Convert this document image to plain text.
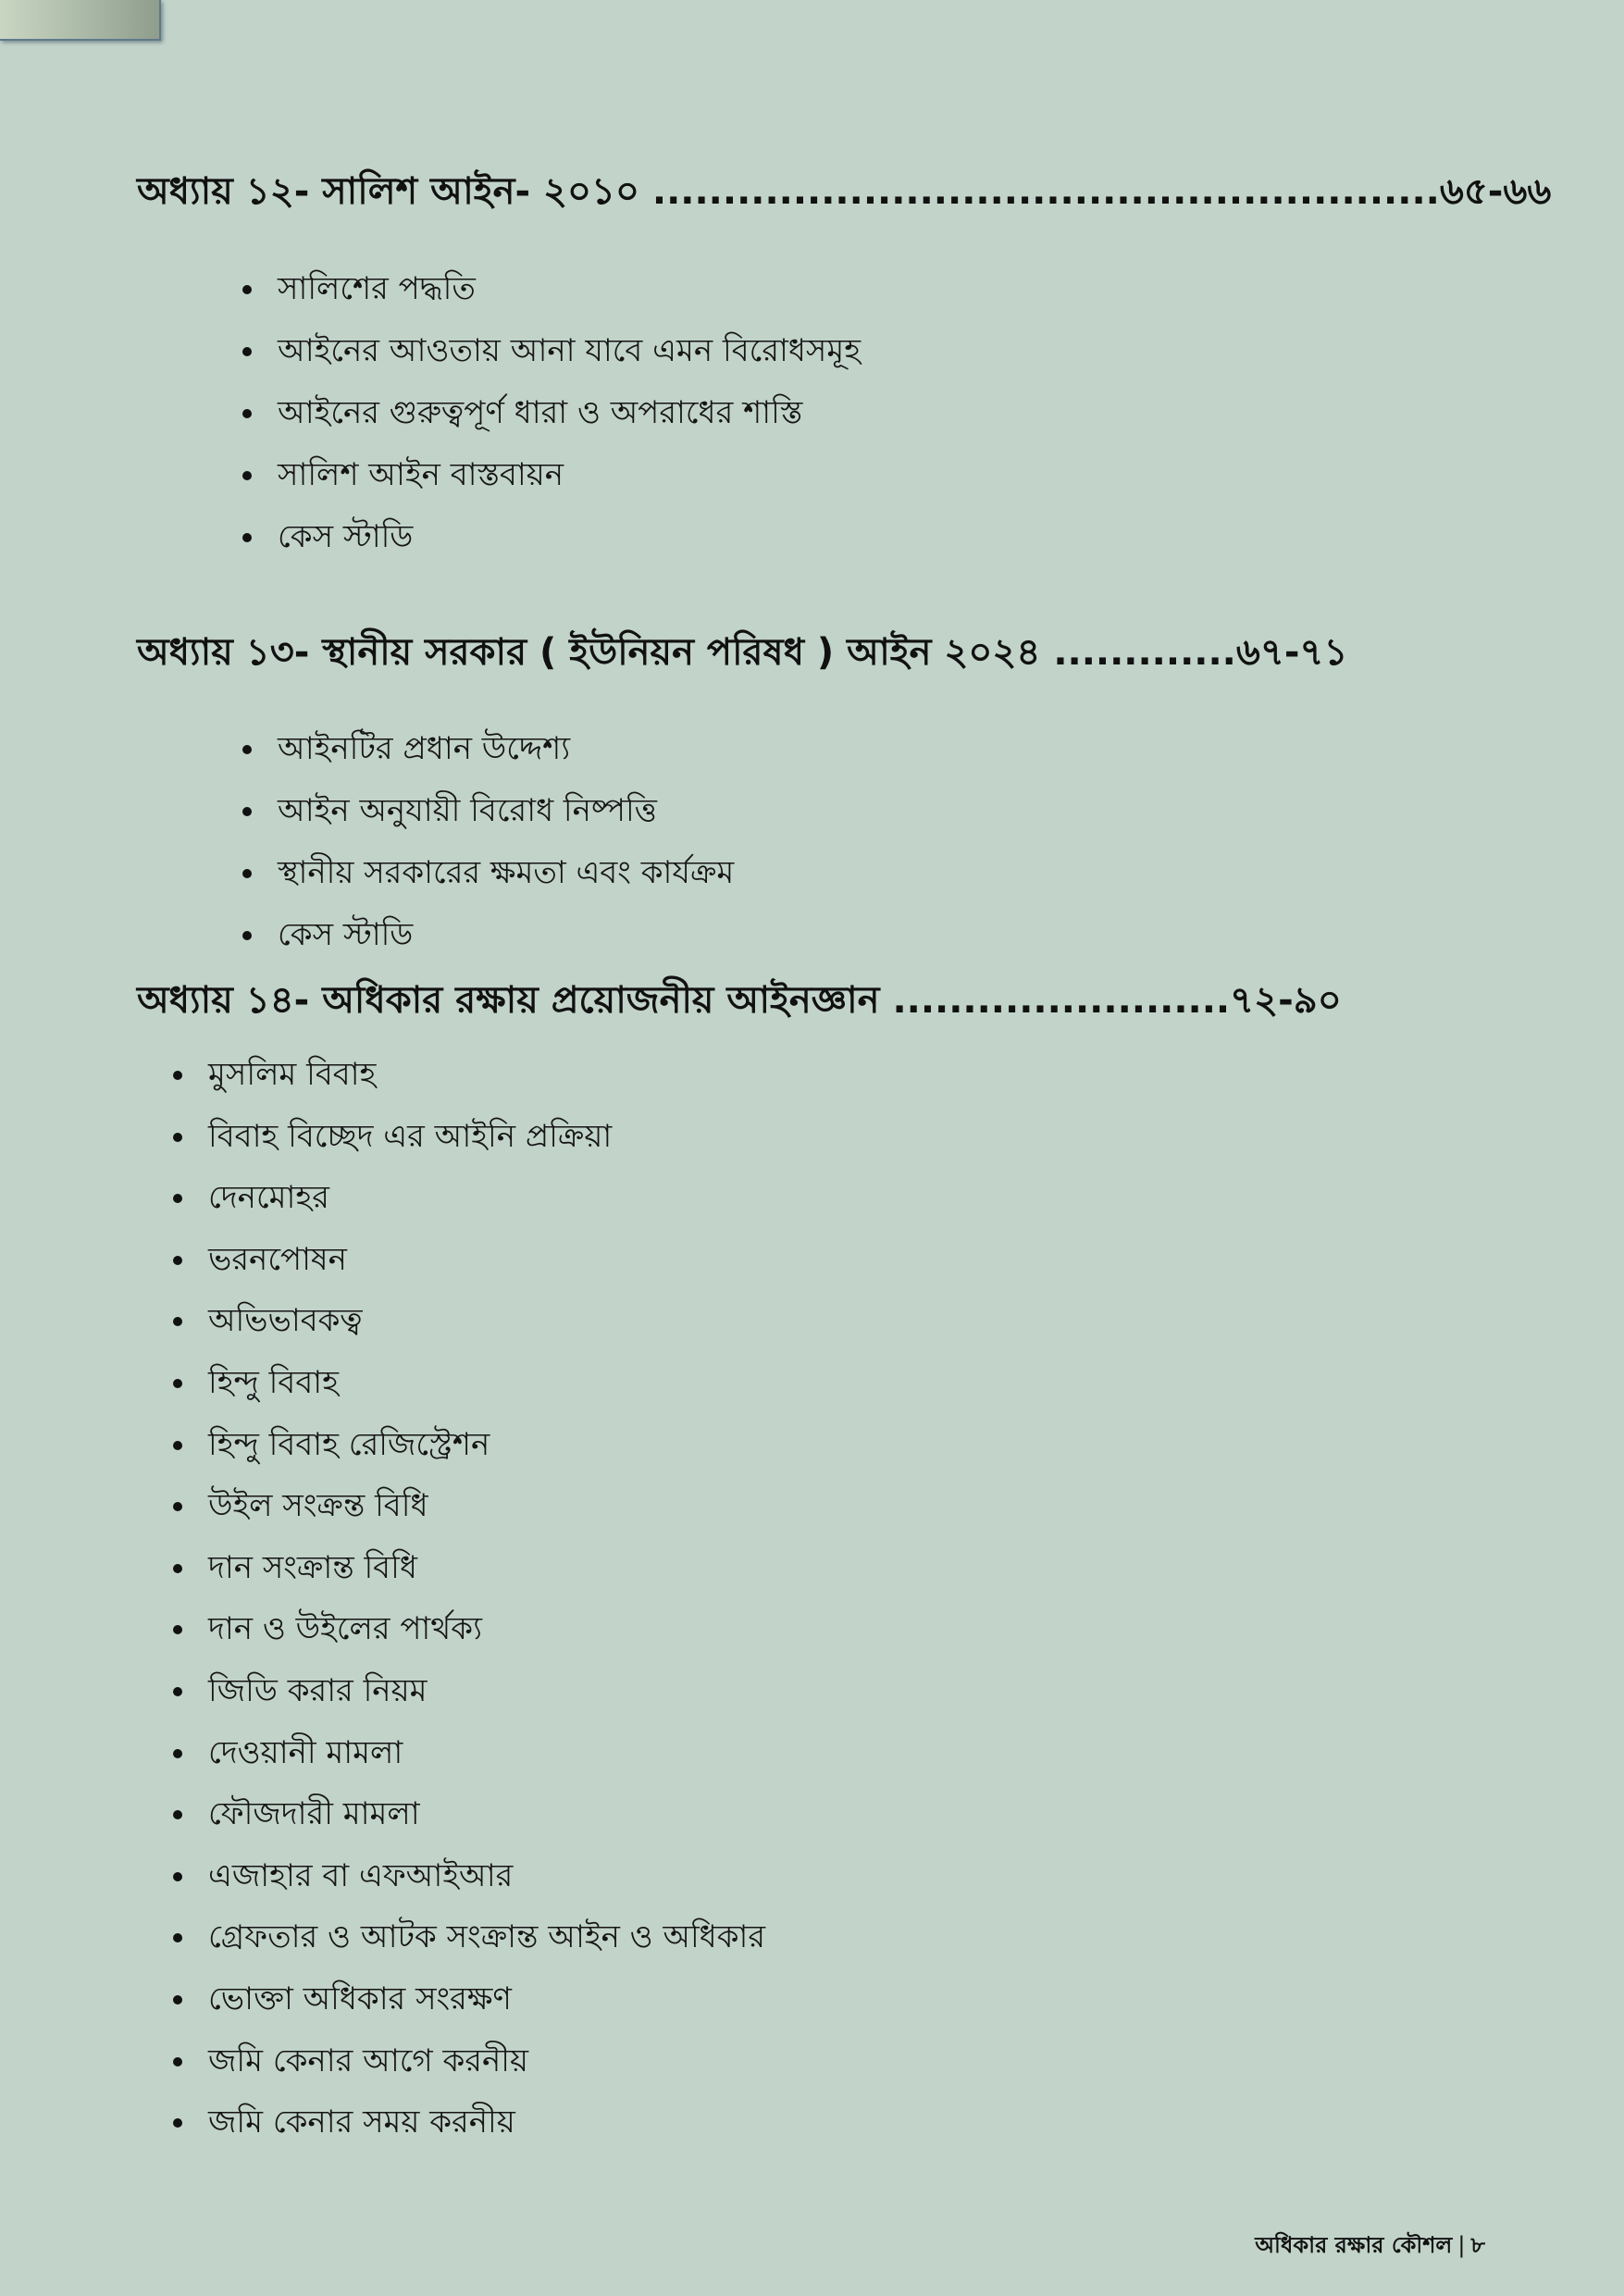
অধ্যায় ১২- সালিশ আইন- ২০১০ ........................................................৬৫-৬৬
সালিশের পদ্ধতি
আইনের আওতায় আনা যাবে এমন বিরোধসমূহ
আইনের গুরুত্বপূর্ণ ধারা ও অপরাধের শাস্তি
সালিশ আইন বাস্তবায়ন
কেস স্টাডি
অধ্যায় ১৩- স্থানীয় সরকার ( ইউনিয়ন পরিষধ ) আইন ২০২৪ .............৬৭-৭১
আইনটির প্রধান উদ্দেশ্য
আইন অনুযায়ী বিরোধ নিষ্পত্তি
স্থানীয় সরকারের ক্ষমতা এবং কার্যক্রম
কেস স্টাডি
অধ্যায় ১৪- অধিকার রক্ষায় প্রয়োজনীয় আইনজ্ঞান ........................৭২-৯০
মুসলিম বিবাহ
বিবাহ বিচ্ছেদ এর আইনি প্রক্রিয়া
দেনমোহর
ভরনপোষন
অভিভাবকত্ব
হিন্দু বিবাহ
হিন্দু বিবাহ রেজিস্ট্রেশন
উইল সংক্রন্ত বিধি
দান সংক্রান্ত বিধি
দান ও উইলের পার্থক্য
জিডি করার নিয়ম
দেওয়ানী মামলা
ফৌজদারী মামলা
এজাহার বা এফআইআর
গ্রেফতার ও আটক সংক্রান্ত আইন ও অধিকার
ভোক্তা অধিকার সংরক্ষণ
জমি কেনার আগে করনীয়
জমি কেনার সময় করনীয়
অধিকার রক্ষার কৌশল | ৮
